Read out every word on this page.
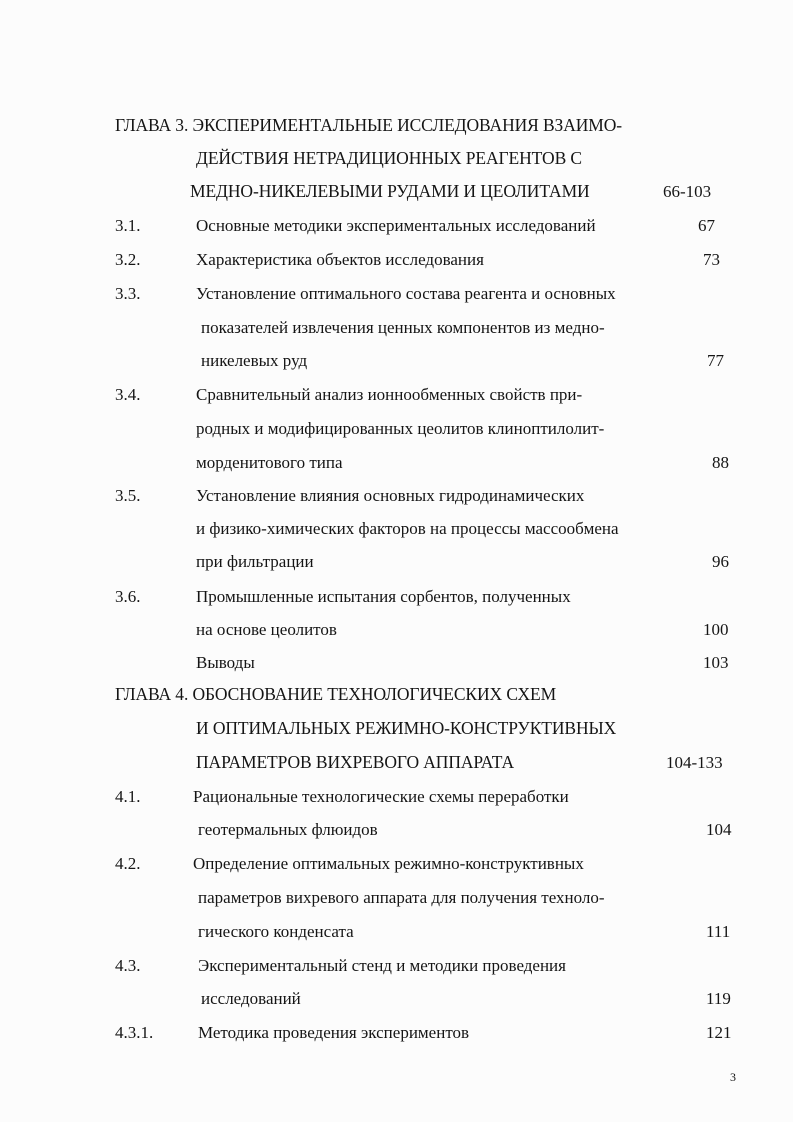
ГЛАВА 3. ЭКСПЕРИМЕНТАЛЬНЫЕ ИССЛЕДОВАНИЯ ВЗАИМО-
ДЕЙСТВИЯ НЕТРАДИЦИОННЫХ РЕАГЕНТОВ С
МЕДНО-НИКЕЛЕВЫМИ РУДАМИ И ЦЕОЛИТАМИ	66-103
3.1.	Основные методики экспериментальных исследований	67
3.2.	Характеристика объектов исследования	73
3.3.	Установление оптимального состава реагента и основных
показателей извлечения ценных компонентов из медно-
никелевых руд	77
3.4.	Сравнительный анализ ионнообменных свойств при-
родных и модифицированных цеолитов клиноптилолит-
морденитового типа	88
3.5.	Установление влияния основных гидродинамических
и физико-химических факторов на процессы массообмена
при фильтрации	96
3.6.	Промышленные испытания сорбентов, полученных
на основе цеолитов	100
Выводы	103
ГЛАВА 4. ОБОСНОВАНИЕ ТЕХНОЛОГИЧЕСКИХ СХЕМ
И ОПТИМАЛЬНЫХ РЕЖИМНО-КОНСТРУКТИВНЫХ
ПАРАМЕТРОВ ВИХРЕВОГО АППАРАТА	104-133
4.1.	Рациональные технологические схемы переработки
геотермальных флюидов	104
4.2.	Определение оптимальных режимно-конструктивных
параметров вихревого аппарата для получения техноло-
гического конденсата	111
4.3.	Экспериментальный стенд и методики проведения
исследований	119
4.3.1.	Методика проведения экспериментов	121
3
